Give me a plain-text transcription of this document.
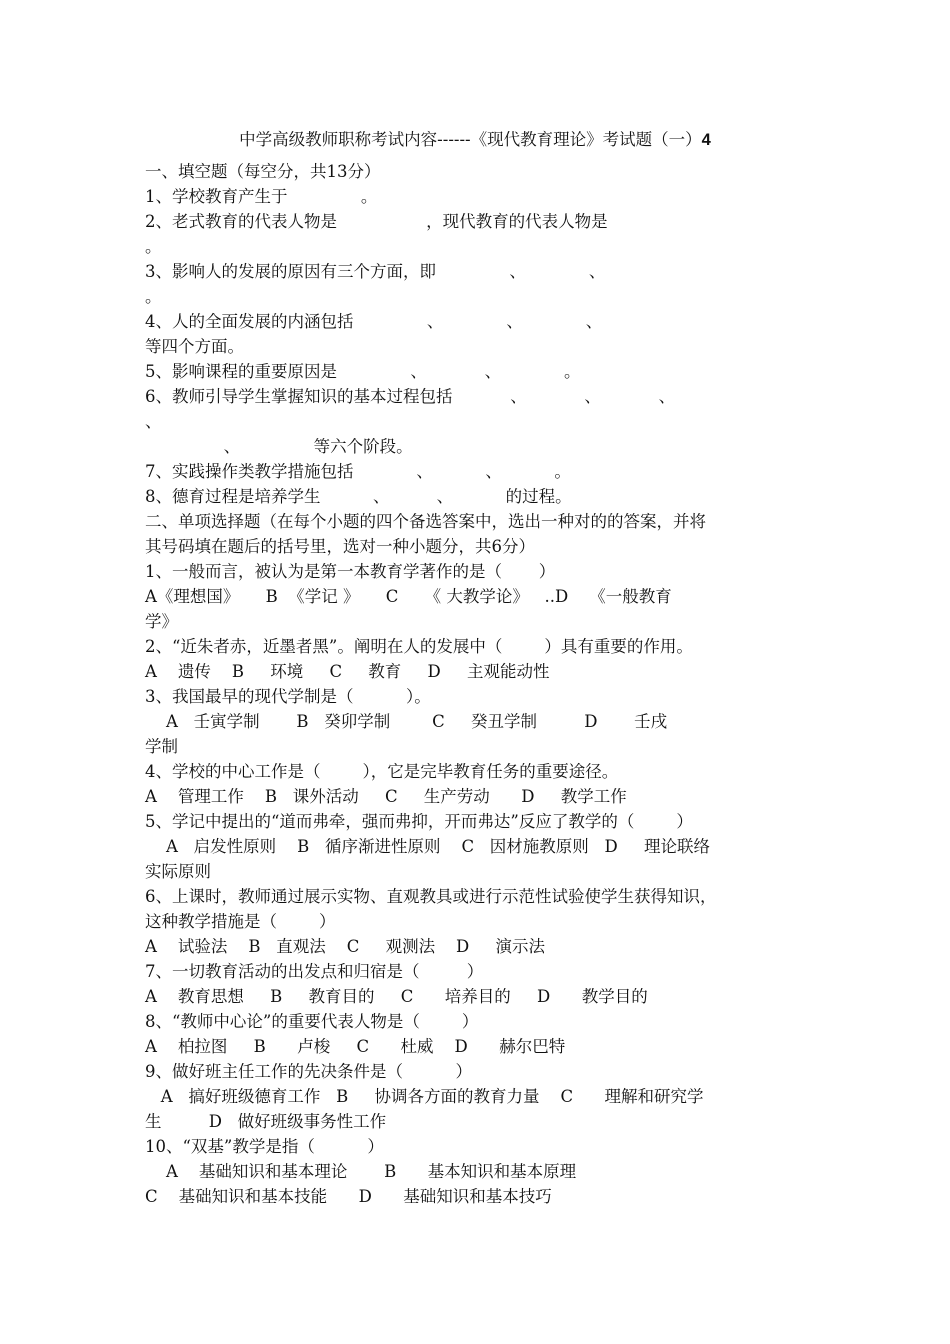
中学高级教师职称考试内容------《现代教育理论》考试题（一）4
一、填空题（每空分，共13分）
1、学校教育产生于              。
2、老式教育的代表人物是                 ，现代教育的代表人物是
。
3、影响人的发展的原因有三个方面，即              、            、
。
4、人的全面发展的内涵包括              、            、            、
等四个方面。
5、影响课程的重要原因是              、           、            。
6、教师引导学生掌握知识的基本过程包括           、           、           、
、
、              等六个阶段。
7、实践操作类教学措施包括            、          、          。
8、德育过程是培养学生          、         、          的过程。
二、单项选择题（在每个小题的四个备选答案中，选出一种对的的答案，并将
其号码填在题后的括号里，选对一种小题分，共6分）
1、一般而言，被认为是第一本教育学著作的是（       ）
A《理想国》     B  《学记 》     C     《 大教学论》   ..D    《一般教育
学》
2、“近朱者赤，近墨者黑”。阐明在人的发展中（        ）具有重要的作用。
A    遗传    B     环境     C     教育     D     主观能动性
3、我国最早的现代学制是（          ）。
A   壬寅学制       B   癸卯学制        C     癸丑学制         D       壬戌
学制
4、学校的中心工作是（        ），它是完毕教育任务的重要途径。
A    管理工作    B   课外活动     C     生产劳动      D     教学工作
5、学记中提出的“道而弗牵，强而弗抑，开而弗达”反应了教学的（        ）
A   启发性原则    B   循序渐进性原则    C   因材施教原则   D     理论联络
实际原则
6、上课时，教师通过展示实物、直观教具或进行示范性试验使学生获得知识，
这种教学措施是（        ）
A    试验法    B   直观法    C     观测法    D     演示法
7、一切教育活动的出发点和归宿是（         ）
A    教育思想     B     教育目的     C      培养目的     D      教学目的
8、“教师中心论”的重要代表人物是（        ）
A    柏拉图     B      卢梭     C      杜威    D      赫尔巴特
9、做好班主任工作的先决条件是（          ）
A   搞好班级德育工作   B     协调各方面的教育力量    C      理解和研究学
生         D   做好班级事务性工作
10、“双基”教学是指（          ）
A    基础知识和基本理论       B      基本知识和基本原理
C    基础知识和基本技能      D      基础知识和基本技巧
